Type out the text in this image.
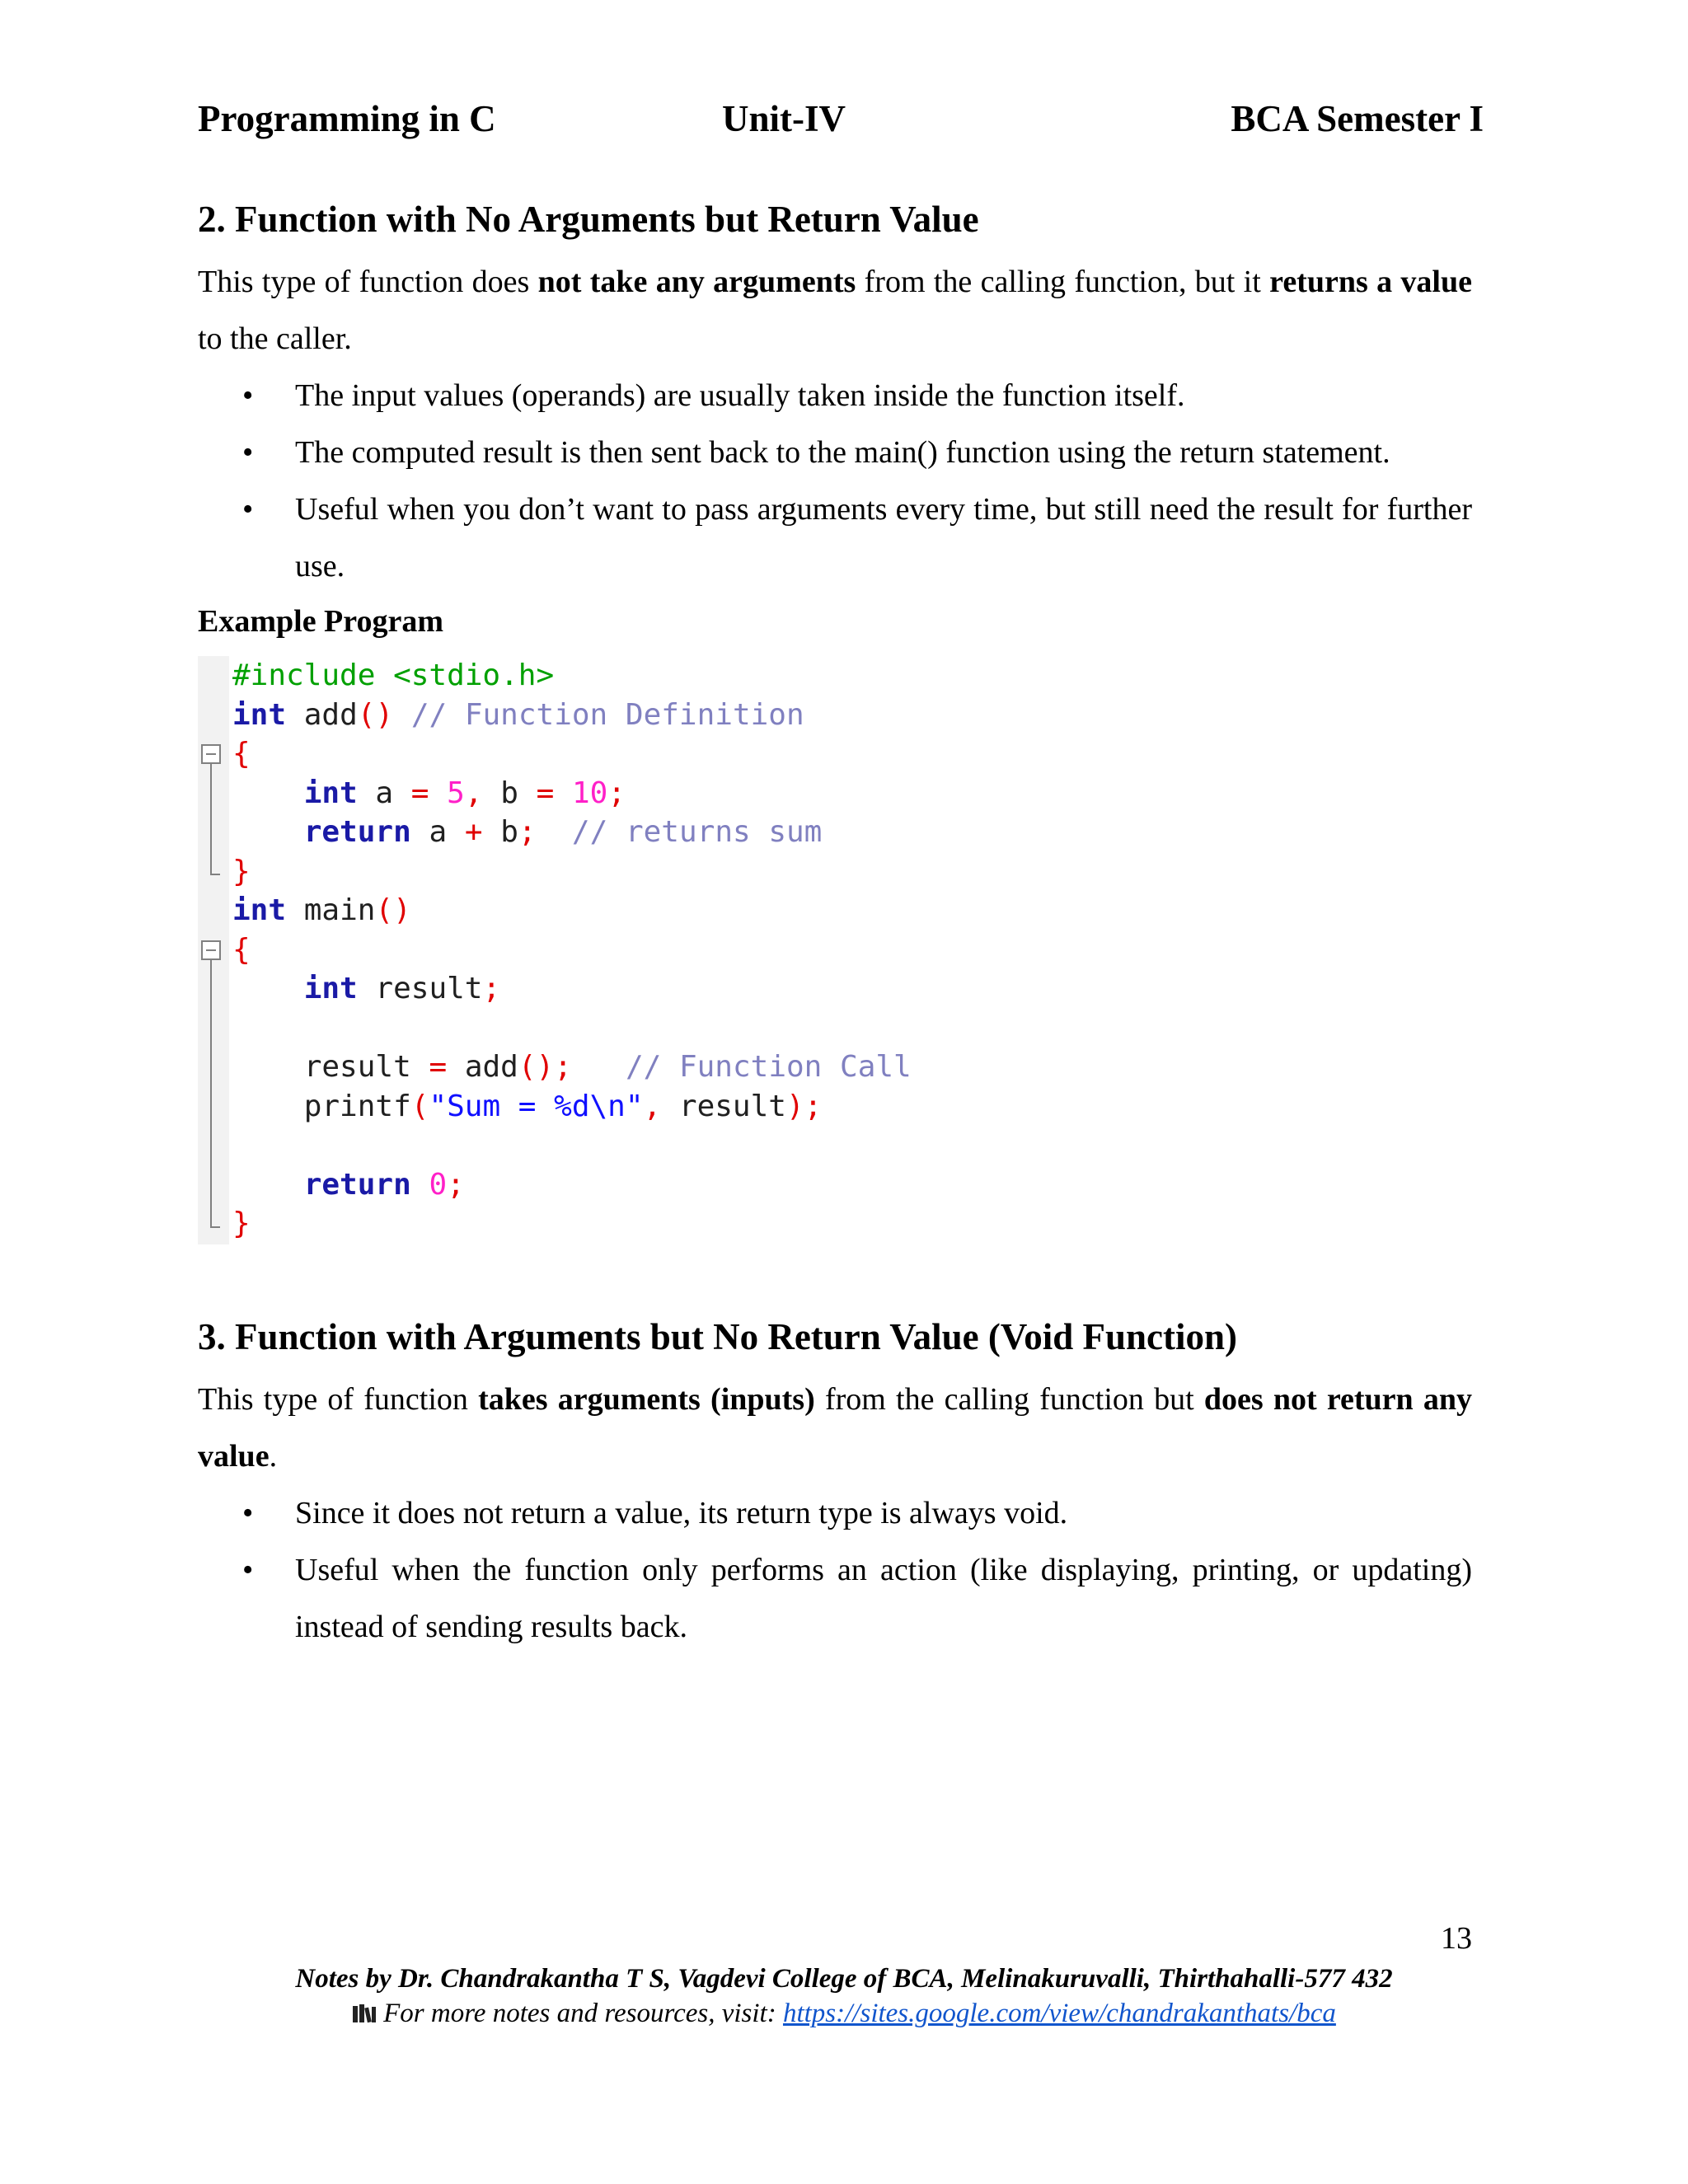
Programming in C	Unit-IV	BCA Semester I
2. Function with No Arguments but Return Value

This type of function does not take any arguments from the calling function, but it returns a value to the caller.

• The input values (operands) are usually taken inside the function itself.
• The computed result is then sent back to the main() function using the return statement.
• Useful when you don’t want to pass arguments every time, but still need the result for further use.
Example Program
#include <stdio.h>
int add() // Function Definition
{
int a = 5, b = 10;
return a + b; // returns sum
}
int main()
{
int result;

result = add(); // Function Call
printf("Sum = %d\n", result);

return 0;
}
3. Function with Arguments but No Return Value (Void Function)

This type of function takes arguments (inputs) from the calling function but does not return any value.

• Since it does not return a value, its return type is always void.
• Useful when the function only performs an action (like displaying, printing, or updating) instead of sending results back.
13
Notes by Dr. Chandrakantha T S, Vagdevi College of BCA, Melinakuruvalli, Thirthahalli-577 432
For more notes and resources, visit: https://sites.google.com/view/chandrakanthats/bca
